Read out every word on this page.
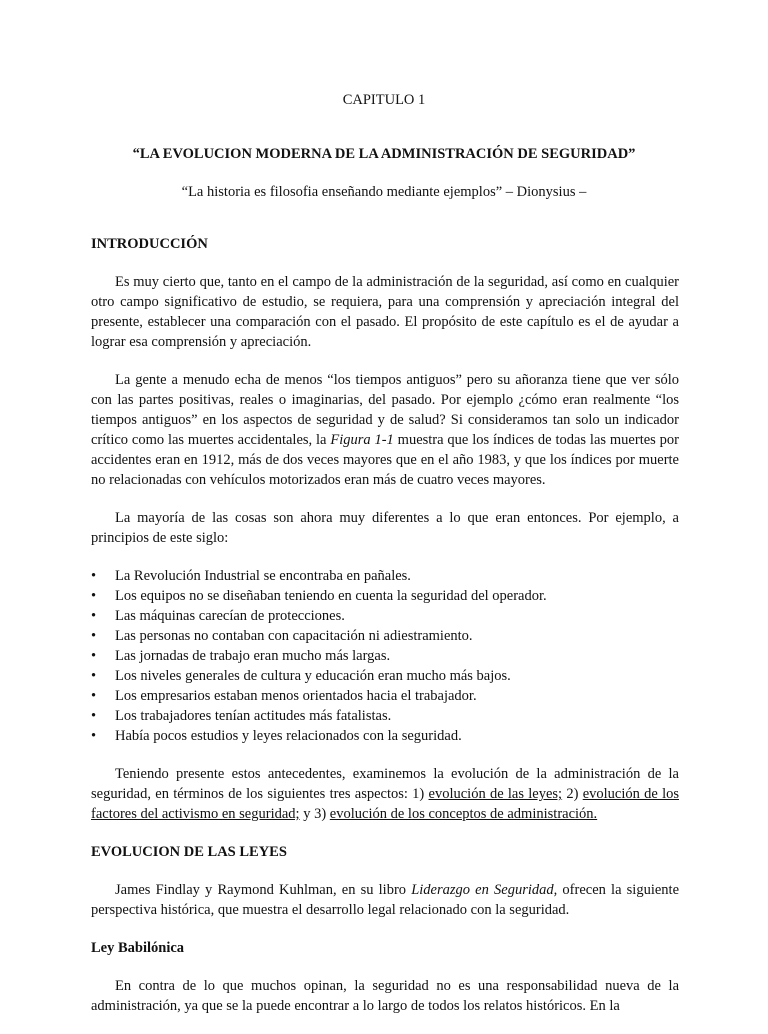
CAPITULO 1
“LA EVOLUCION MODERNA DE LA ADMINISTRACIÓN DE SEGURIDAD”
“La historia es filosofia enseñando mediante ejemplos” – Dionysius –
INTRODUCCIÓN

Es muy cierto que, tanto en el campo de la administración de la seguridad, así como en cualquier otro campo significativo de estudio, se requiera, para una comprensión y apreciación integral del presente, establecer una comparación con el pasado. El propósito de este capítulo es el de ayudar a lograr esa comprensión y apreciación.

La gente a menudo echa de menos “los tiempos antiguos” pero su añoranza tiene que ver sólo con las partes positivas, reales o imaginarias, del pasado. Por ejemplo ¿cómo eran realmente “los tiempos antiguos” en los aspectos de seguridad y de salud? Si consideramos tan solo un indicador crítico como las muertes accidentales, la Figura 1-1 muestra que los índices de todas las muertes por accidentes eran en 1912, más de dos veces mayores que en el año 1983, y que los índices por muerte no relacionadas con vehículos motorizados eran más de cuatro veces mayores.

La mayoría de las cosas son ahora muy diferentes a lo que eran entonces. Por ejemplo, a principios de este siglo:

•	La Revolución Industrial se encontraba en pañales.
•	Los equipos no se diseñaban teniendo en cuenta la seguridad del operador.
•	Las máquinas carecían de protecciones.
•	Las personas no contaban con capacitación ni adiestramiento.
•	Las jornadas de trabajo eran mucho más largas.
•	Los niveles generales de cultura y educación eran mucho más bajos.
•	Los empresarios estaban menos orientados hacia el trabajador.
•	Los trabajadores tenían actitudes más fatalistas.
•	Había pocos estudios y leyes relacionados con la seguridad.

Teniendo presente estos antecedentes, examinemos la evolución de la administración de la seguridad, en términos de los siguientes tres aspectos: 1) evolución de las leyes; 2) evolución de los factores del activismo en seguridad; y 3) evolución de los conceptos de administración.

EVOLUCION DE LAS LEYES

James Findlay y Raymond Kuhlman, en su libro Liderazgo en Seguridad, ofrecen la siguiente perspectiva histórica, que muestra el desarrollo legal relacionado con la seguridad.

Ley Babilónica

En contra de lo que muchos opinan, la seguridad no es una responsabilidad nueva de la administración, ya que se la puede encontrar a lo largo de todos los relatos históricos. En la
